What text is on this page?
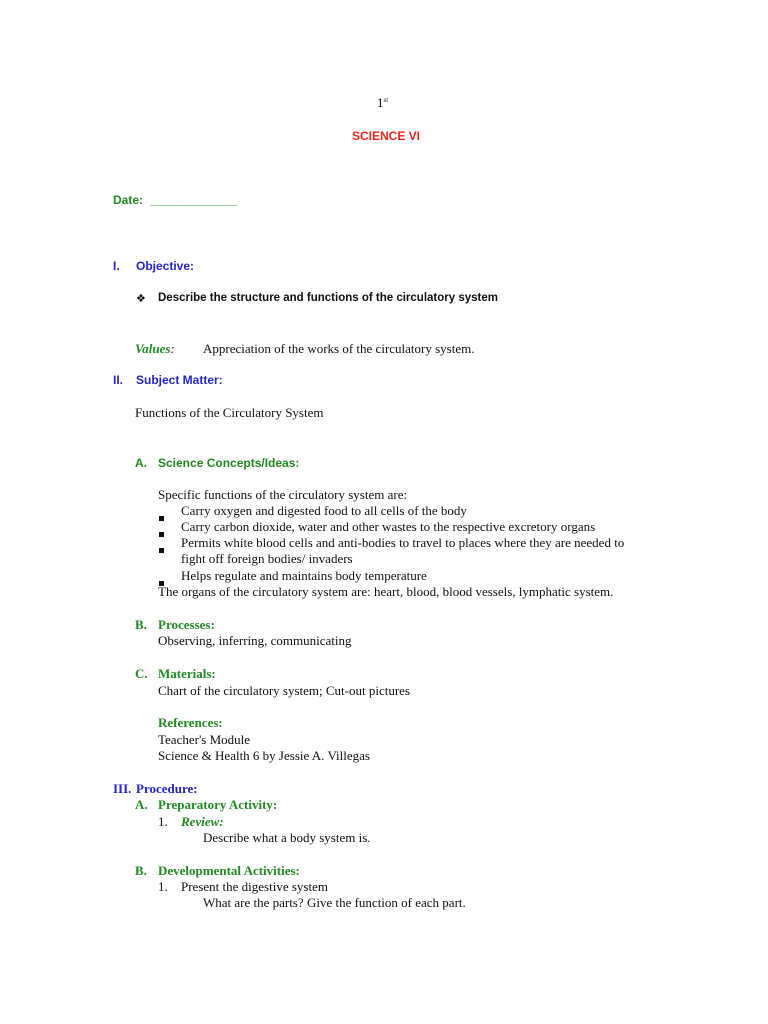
1st
SCIENCE VI
Date: _____________
I. Objective:
❖ Describe the structure and functions of the circulatory system
Values: Appreciation of the works of the circulatory system.
II. Subject Matter:
Functions of the Circulatory System
A. Science Concepts/Ideas:
Specific functions of the circulatory system are:
Carry oxygen and digested food to all cells of the body
Carry carbon dioxide, water and other wastes to the respective excretory organs
Permits white blood cells and anti-bodies to travel to places where they are needed to
fight off foreign bodies/ invaders
Helps regulate and maintains body temperature
The organs of the circulatory system are: heart, blood, blood vessels, lymphatic system.
B. Processes:
Observing, inferring, communicating
C. Materials:
Chart of the circulatory system; Cut-out pictures
References:
Teacher's Module
Science & Health 6 by Jessie A. Villegas
III. Procedure:
A. Preparatory Activity:
1. Review:
Describe what a body system is.
B. Developmental Activities:
1. Present the digestive system
What are the parts? Give the function of each part.
